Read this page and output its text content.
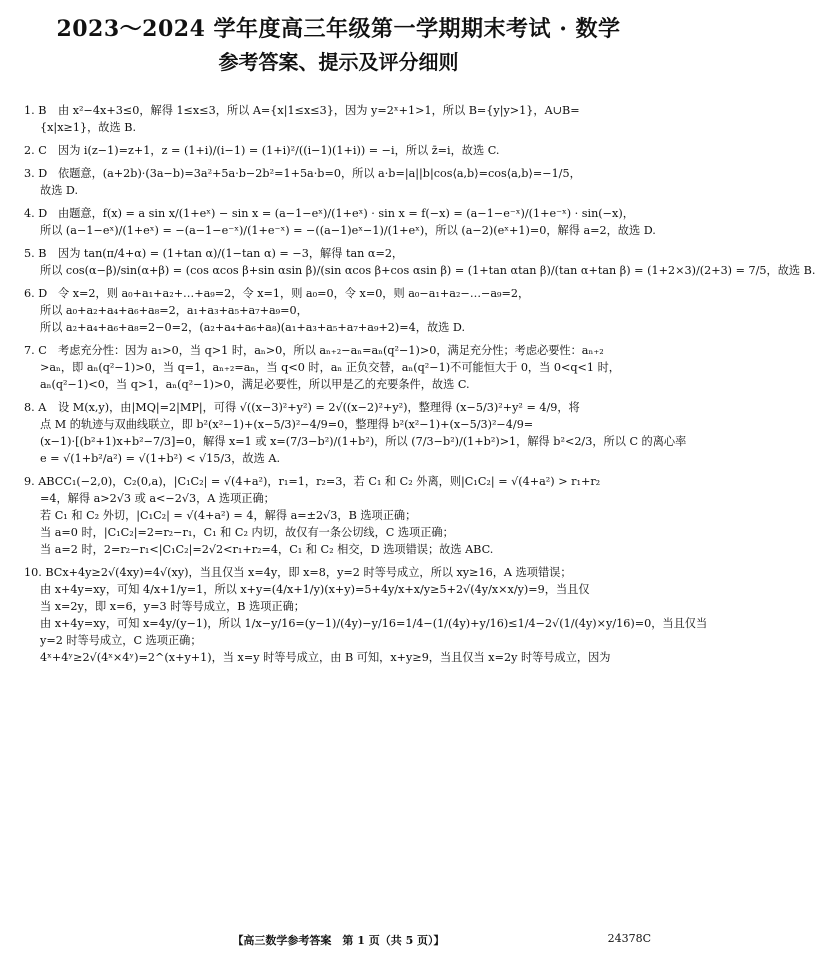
2023～2024 学年度高三年级第一学期期末考试 · 数学
参考答案、提示及评分细则
1. B 由 x²−4x+3≤0，解得 1≤x≤3，所以 A={x|1≤x≤3}，因为 y=2ˣ+1>1，所以 B={y|y>1}，A∪B=
{x|x≥1}，故选 B.
2. C 因为 i(z−1)=z+1，z = (1+i)/(i−1) = (1+i)²/((i−1)(1+i)) = −i，所以 z̄=i，故选 C.
3. D 依题意，(a+2b)·(3a−b)=3a²+5a·b−2b²=1+5a·b=0，所以 a·b=|a||b|cos⟨a,b⟩=cos⟨a,b⟩=−1/5，
故选 D.
4. D 由题意，f(x) = a sin x/(1+eˣ) − sin x = (a−1−eˣ)/(1+eˣ) · sin x = f(−x) = (a−1−e⁻ˣ)/(1+e⁻ˣ) · sin(−x)，
所以 (a−1−eˣ)/(1+eˣ) = −(a−1−e⁻ˣ)/(1+e⁻ˣ) = −((a−1)eˣ−1)/(1+eˣ)，所以 (a−2)(eˣ+1)=0，解得 a=2，故选 D.
5. B 因为 tan(π/4+α) = (1+tan α)/(1−tan α) = −3，解得 tan α=2，
所以 cos(α−β)/sin(α+β) = (cos αcos β+sin αsin β)/(sin αcos β+cos αsin β) = (1+tan αtan β)/(tan α+tan β) = (1+2×3)/(2+3) = 7/5，故选 B.
6. D 令 x=2，则 a₀+a₁+a₂+…+a₉=2，令 x=1，则 a₀=0，令 x=0，则 a₀−a₁+a₂−…−a₉=2，
所以 a₀+a₂+a₄+a₆+a₈=2，a₁+a₃+a₅+a₇+a₉=0，
所以 a₂+a₄+a₆+a₈=2−0=2，(a₂+a₄+a₆+a₈)(a₁+a₃+a₅+a₇+a₉+2)=4，故选 D.
7. C 考虑充分性：因为 a₁>0，当 q>1 时，aₙ>0，所以 aₙ₊₂−aₙ=aₙ(q²−1)>0，满足充分性；考虑必要性：aₙ₊₂
>aₙ，即 aₙ(q²−1)>0，当 q=1，aₙ₊₂=aₙ，当 q<0 时，aₙ 正负交替，aₙ(q²−1)不可能恒大于 0，当 0<q<1 时，
aₙ(q²−1)<0，当 q>1，aₙ(q²−1)>0，满足必要性，所以甲是乙的充要条件，故选 C.
8. A 设 M(x,y)，由|MQ|=2|MP|，可得 √((x−3)²+y²) = 2√((x−2)²+y²)，整理得 (x−5/3)²+y² = 4/9，将
点 M 的轨迹与双曲线联立，即 b²(x²−1)+(x−5/3)²−4/9=0，整理得 b²(x²−1)+(x−5/3)²−4/9=
(x−1)·[(b²+1)x+b²−7/3]=0，解得 x=1 或 x=(7/3−b²)/(1+b²)，所以 (7/3−b²)/(1+b²)>1，解得 b²<2/3，所以 C 的离心率
e = √(1+b²/a²) = √(1+b²) < √15/3，故选 A.
9. ABCC₁(−2,0)，C₂(0,a)，|C₁C₂| = √(4+a²)，r₁=1，r₂=3，若 C₁ 和 C₂ 外离，则|C₁C₂| = √(4+a²) > r₁+r₂
=4，解得 a>2√3 或 a<−2√3，A 选项正确；
若 C₁ 和 C₂ 外切，|C₁C₂| = √(4+a²) = 4，解得 a=±2√3，B 选项正确；
当 a=0 时，|C₁C₂|=2=r₂−r₁，C₁ 和 C₂ 内切，故仅有一条公切线，C 选项正确；
当 a=2 时，2=r₂−r₁<|C₁C₂|=2√2<r₁+r₂=4，C₁ 和 C₂ 相交，D 选项错误；故选 ABC.
10. BCx+4y≥2√(4xy)=4√(xy)，当且仅当 x=4y，即 x=8，y=2 时等号成立，所以 xy≥16，A 选项错误；
由 x+4y=xy，可知 4/x+1/y=1，所以 x+y=(4/x+1/y)(x+y)=5+4y/x+x/y≥5+2√(4y/x×x/y)=9，当且仅
当 x=2y，即 x=6，y=3 时等号成立，B 选项正确；
由 x+4y=xy，可知 x=4y/(y−1)，所以 1/x−y/16=(y−1)/(4y)−y/16=1/4−(1/(4y)+y/16)≤1/4−2√(1/(4y)×y/16)=0，当且仅当
y=2 时等号成立，C 选项正确；
4ˣ+4ʸ≥2√(4ˣ×4ʸ)=2^(x+y+1)，当 x=y 时等号成立，由 B 可知，x+y≥9，当且仅当 x=2y 时等号成立，因为
【高三数学参考答案　第 1 页（共 5 页）】	24378C
